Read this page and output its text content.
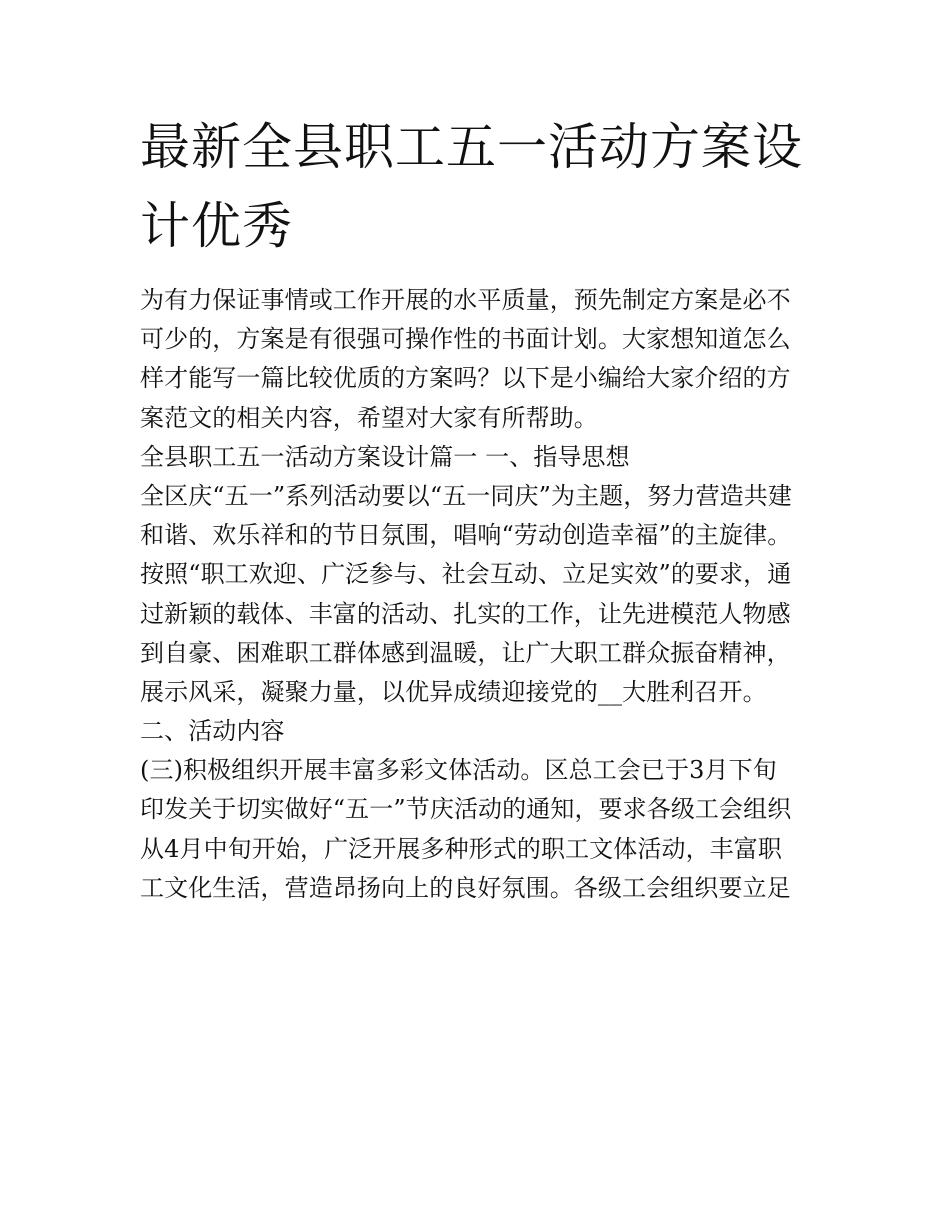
最新全县职工五一活动方案设
计优秀
为有力保证事情或工作开展的水平质量，预先制定方案是必不
可少的，方案是有很强可操作性的书面计划。大家想知道怎么
样才能写一篇比较优质的方案吗？以下是小编给大家介绍的方
案范文的相关内容，希望对大家有所帮助。
全县职工五一活动方案设计篇一 一、指导思想
全区庆“五一”系列活动要以“五一同庆”为主题，努力营造共建
和谐、欢乐祥和的节日氛围，唱响“劳动创造幸福”的主旋律。
按照“职工欢迎、广泛参与、社会互动、立足实效”的要求，通
过新颖的载体、丰富的活动、扎实的工作，让先进模范人物感
到自豪、困难职工群体感到温暖，让广大职工群众振奋精神，
展示风采，凝聚力量，以优异成绩迎接党的__大胜利召开。
二、活动内容
(三)积极组织开展丰富多彩文体活动。区总工会已于3月下旬
印发关于切实做好“五一”节庆活动的通知，要求各级工会组织
从4月中旬开始，广泛开展多种形式的职工文体活动，丰富职
工文化生活，营造昂扬向上的良好氛围。各级工会组织要立足
